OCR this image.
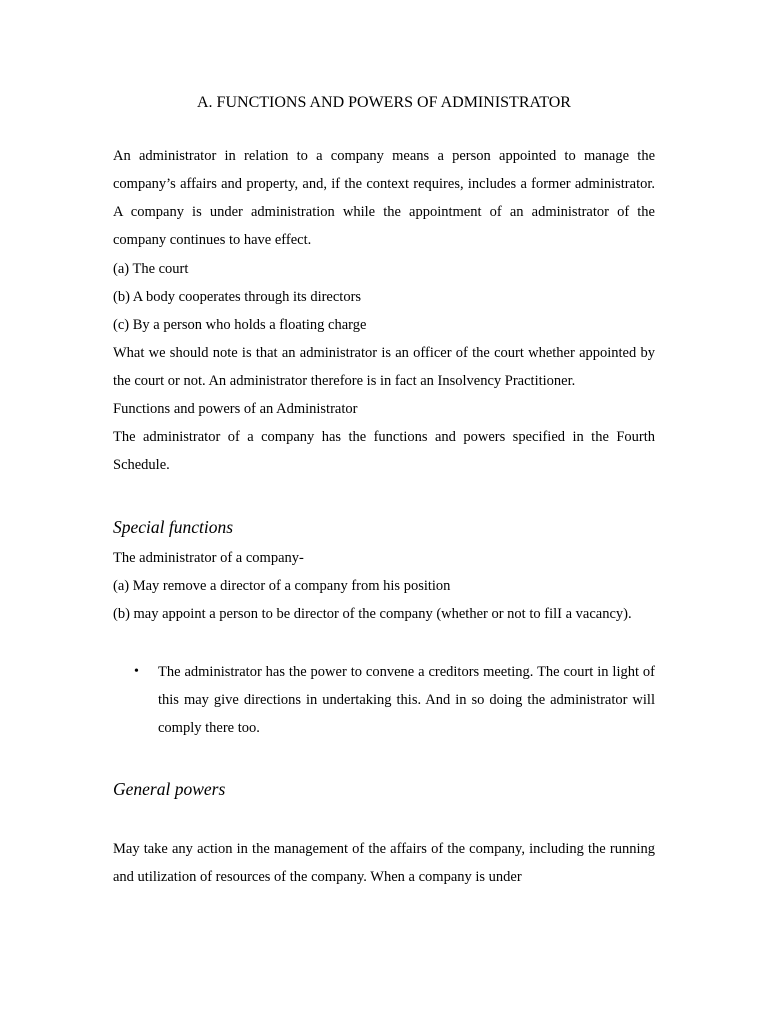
A. FUNCTIONS AND POWERS OF ADMINISTRATOR

An administrator in relation to a company means a person appointed to manage the company’s affairs and property, and, if the context requires, includes a former administrator. A company is under administration while the appointment of an administrator of the company continues to have effect.

(a) The court

(b) A body cooperates through its directors

(c) By a person who holds a floating charge

What we should note is that an administrator is an officer of the court whether appointed by the court or not. An administrator therefore is in fact an Insolvency Practitioner.

Functions and powers of an Administrator

The administrator of a company has the functions and powers specified in the Fourth Schedule.

Special functions

The administrator of a company-

(a) May remove a director of a company from his position

(b) may appoint a person to be director of the company (whether or not to filI a vacancy).

• The administrator has the power to convene a creditors meeting. The court in light of this may give directions in undertaking this. And in so doing the administrator will comply there too.

General powers

May take any action in the management of the affairs of the company, including the running and utilization of resources of the company. When a company is under
